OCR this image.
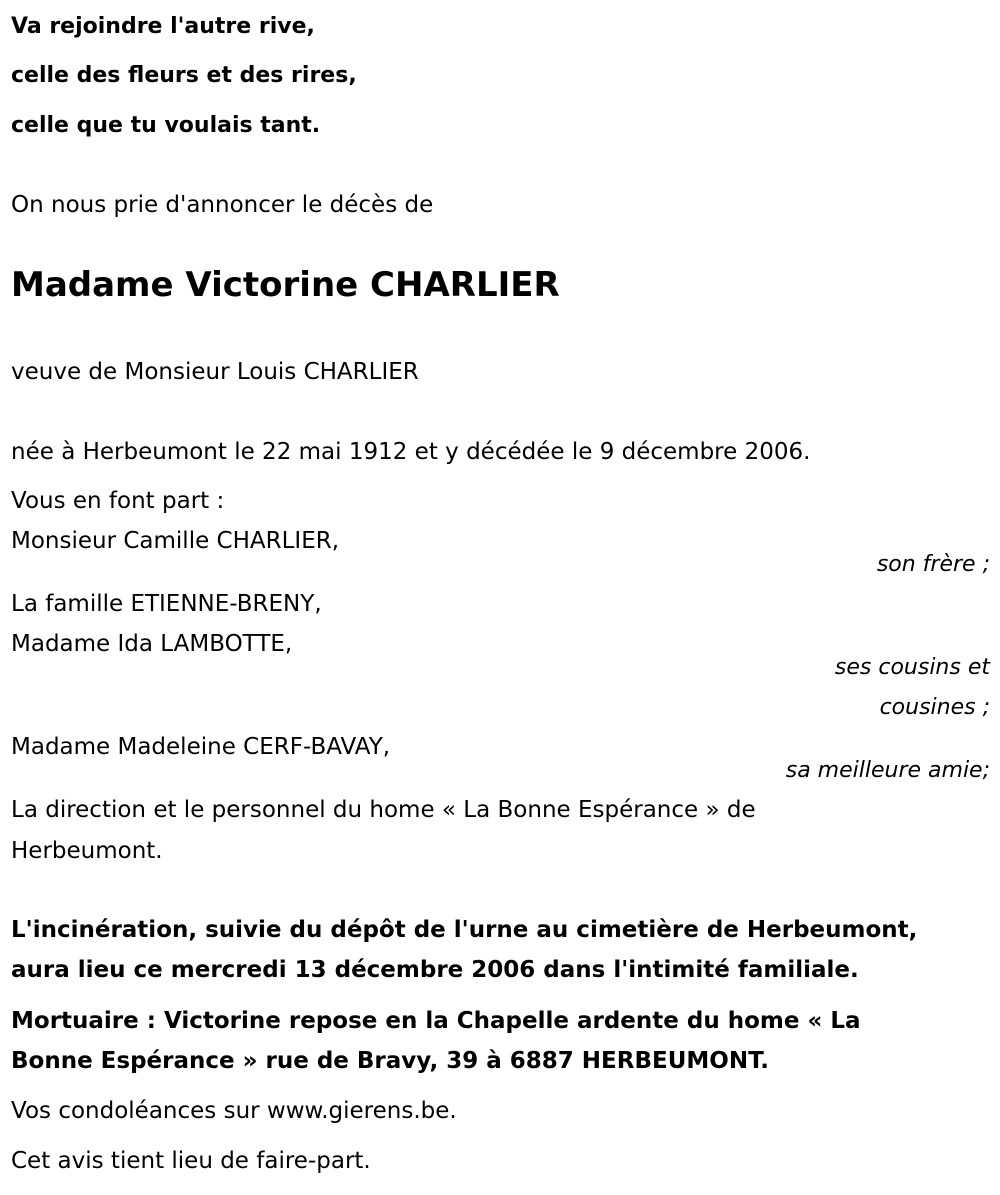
Va rejoindre l'autre rive,
celle des fleurs et des rires,
celle que tu voulais tant.
On nous prie d'annoncer le décès de
Madame Victorine CHARLIER
veuve de Monsieur Louis CHARLIER
née à Herbeumont le 22 mai 1912 et y décédée le 9 décembre 2006.
Vous en font part :
Monsieur Camille CHARLIER,
son frère ;
La famille ETIENNE-BRENY,
Madame Ida LAMBOTTE,
ses cousins et
cousines ;
Madame Madeleine CERF-BAVAY,
sa meilleure amie;
La direction et le personnel du home « La Bonne Espérance » de
Herbeumont.
L'incinération, suivie du dépôt de l'urne au cimetière de Herbeumont,
aura lieu ce mercredi 13 décembre 2006 dans l'intimité familiale.
Mortuaire : Victorine repose en la Chapelle ardente du home « La
Bonne Espérance » rue de Bravy, 39 à 6887 HERBEUMONT.
Vos condoléances sur www.gierens.be.
Cet avis tient lieu de faire-part.
